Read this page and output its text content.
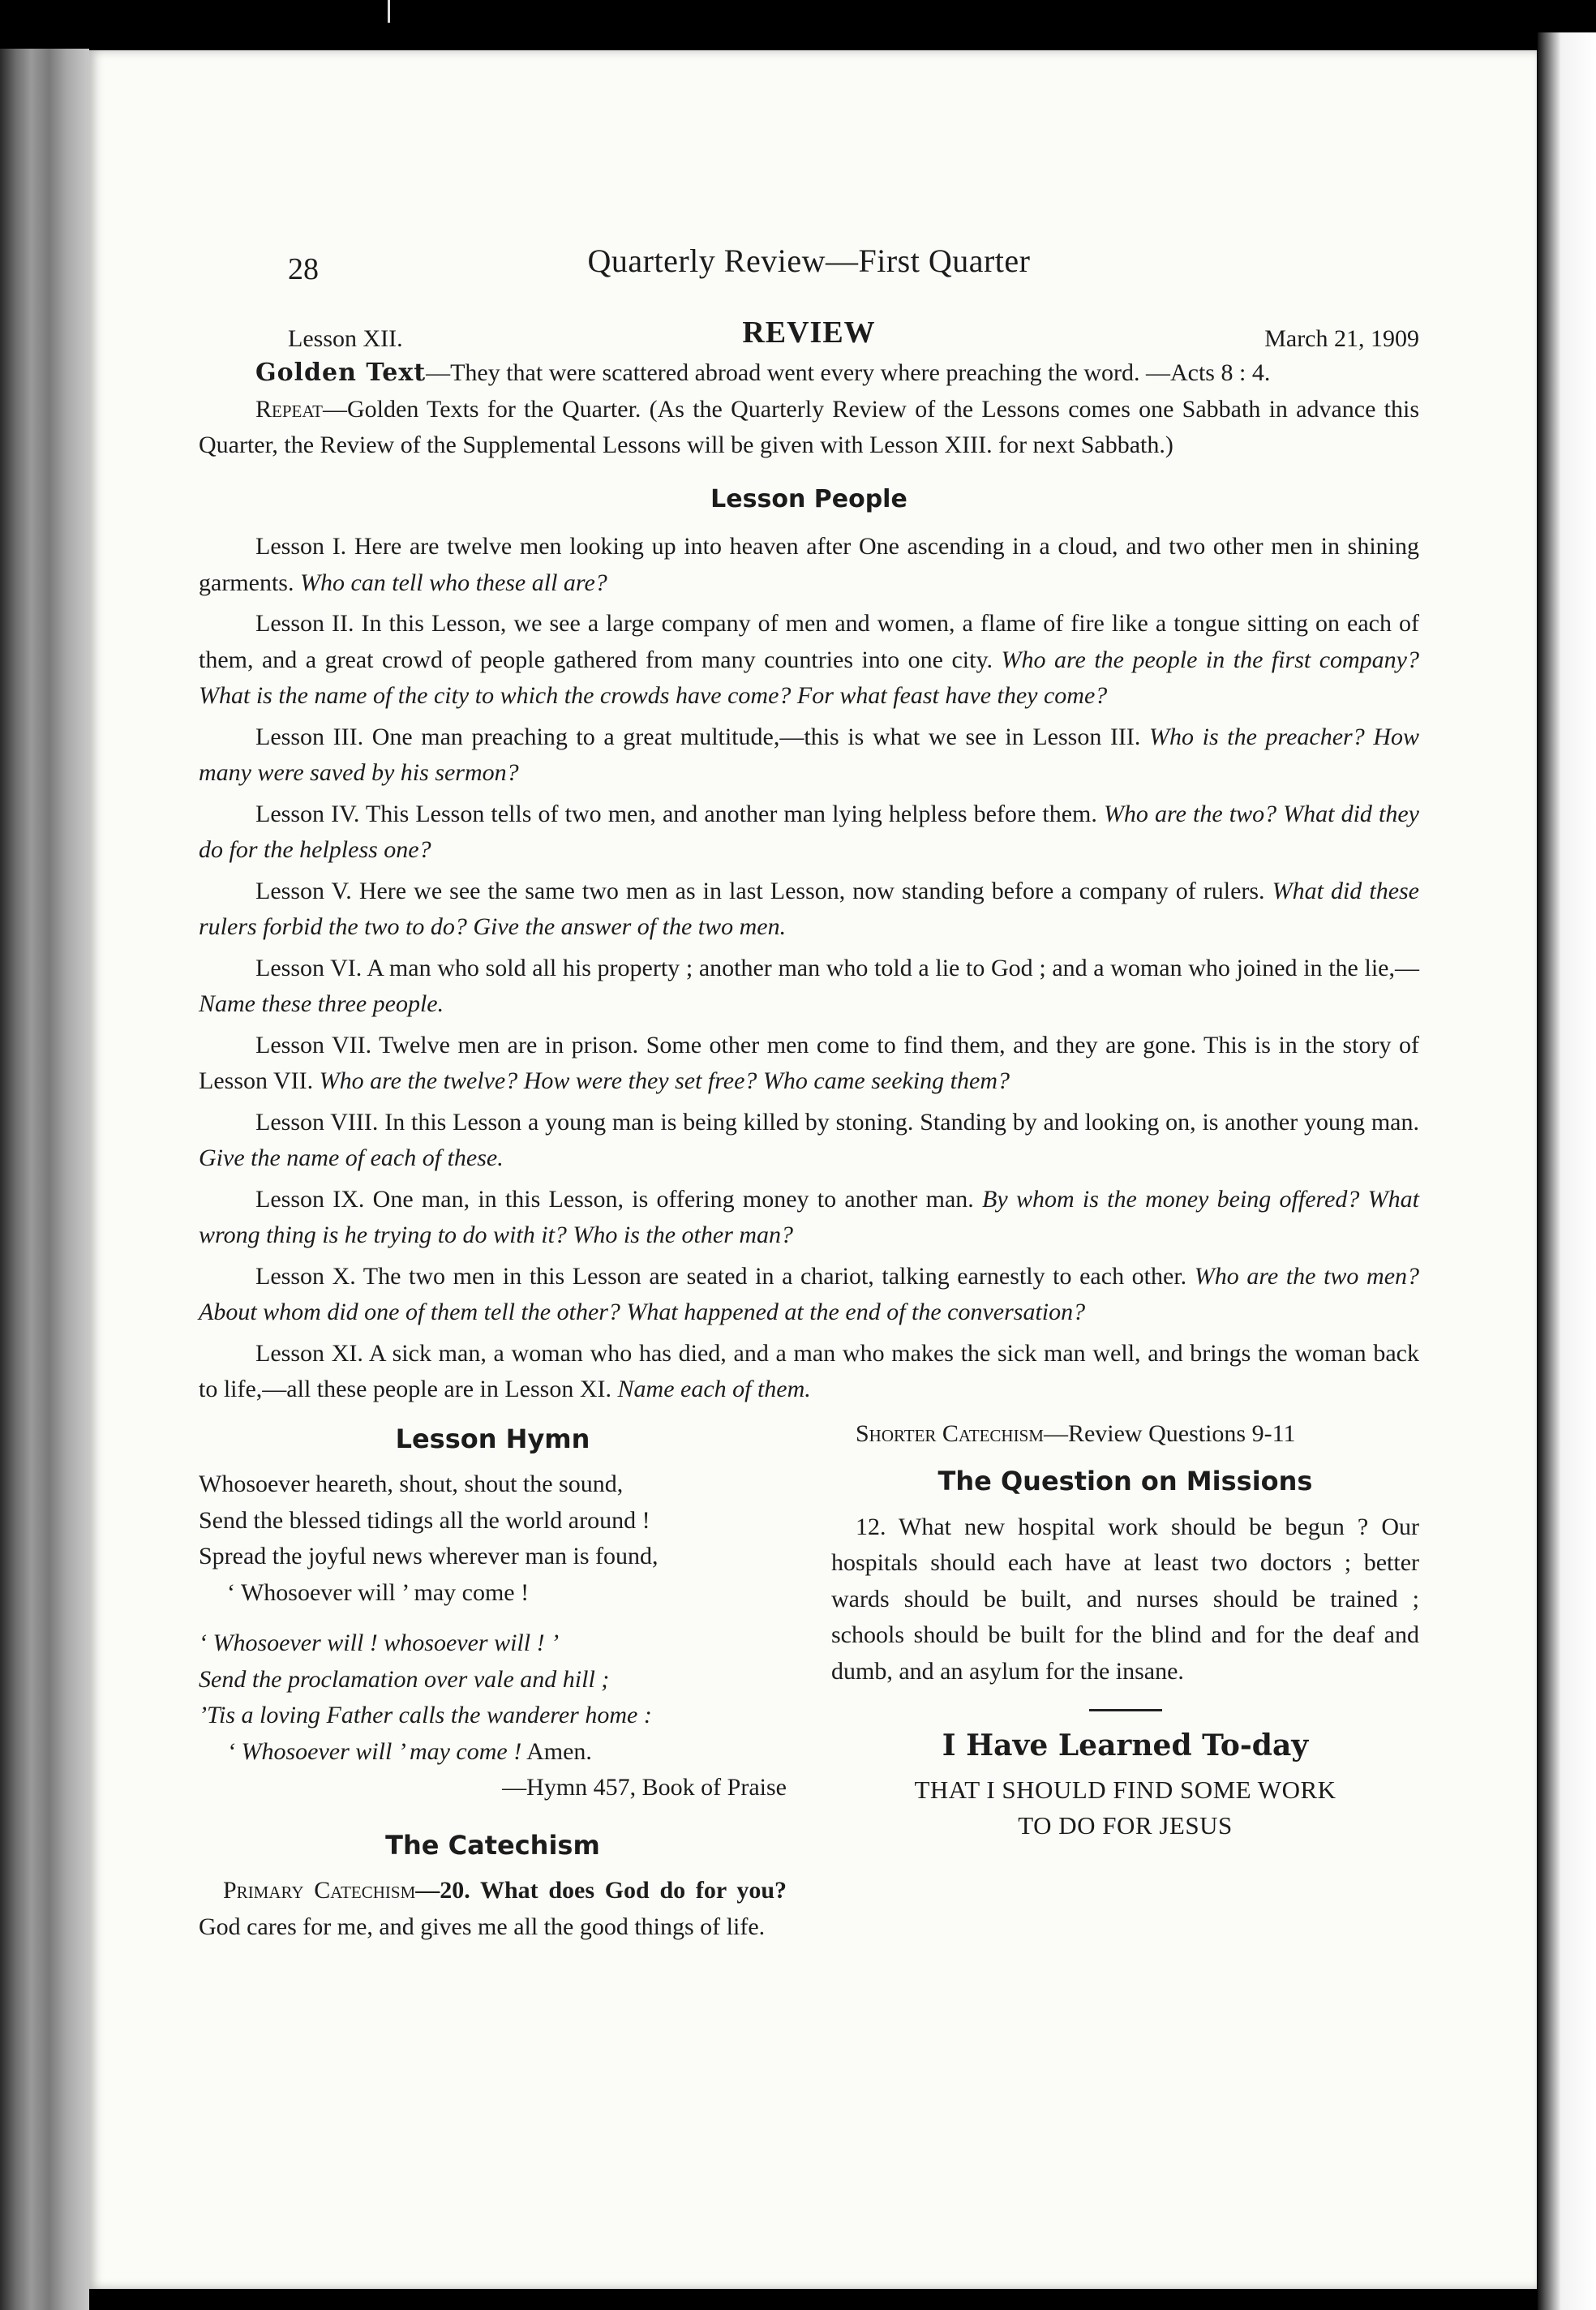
28	Quarterly Review—First Quarter
Lesson XII.	REVIEW	March 21, 1909

Golden Text—They that were scattered abroad went every where preaching the word. —Acts 8 : 4.

Repeat—Golden Texts for the Quarter. (As the Quarterly Review of the Lessons comes one Sabbath in advance this Quarter, the Review of the Supplemental Lessons will be given with Lesson XIII. for next Sabbath.)

Lesson People

Lesson I. Here are twelve men looking up into heaven after One ascending in a cloud, and two other men in shining garments. Who can tell who these all are?

Lesson II. In this Lesson, we see a large company of men and women, a flame of fire like a tongue sitting on each of them, and a great crowd of people gathered from many countries into one city. Who are the people in the first company? What is the name of the city to which the crowds have come? For what feast have they come?

Lesson III. One man preaching to a great multitude,—this is what we see in Lesson III. Who is the preacher? How many were saved by his sermon?

Lesson IV. This Lesson tells of two men, and another man lying helpless before them. Who are the two? What did they do for the helpless one?

Lesson V. Here we see the same two men as in last Lesson, now standing before a company of rulers. What did these rulers forbid the two to do? Give the answer of the two men.

Lesson VI. A man who sold all his property ; another man who told a lie to God ; and a woman who joined in the lie,—Name these three people.

Lesson VII. Twelve men are in prison. Some other men come to find them, and they are gone. This is in the story of Lesson VII. Who are the twelve? How were they set free? Who came seeking them?

Lesson VIII. In this Lesson a young man is being killed by stoning. Standing by and looking on, is another young man. Give the name of each of these.

Lesson IX. One man, in this Lesson, is offering money to another man. By whom is the money being offered? What wrong thing is he trying to do with it? Who is the other man?

Lesson X. The two men in this Lesson are seated in a chariot, talking earnestly to each other. Who are the two men? About whom did one of them tell the other? What happened at the end of the conversation?

Lesson XI. A sick man, a woman who has died, and a man who makes the sick man well, and brings the woman back to life,—all these people are in Lesson XI. Name each of them.

Lesson Hymn

Whosoever heareth, shout, shout the sound,

Send the blessed tidings all the world around !

Spread the joyful news wherever man is found,

‘ Whosoever will ’ may come !

‘ Whosoever will ! whosoever will ! ’

Send the proclamation over vale and hill ;

’Tis a loving Father calls the wanderer home :

‘ Whosoever will ’ may come ! Amen.

—Hymn 457, Book of Praise

The Catechism

Primary Catechism—20. What does God do for you? God cares for me, and gives me all the good things of life.

Shorter Catechism—Review Questions 9-11

The Question on Missions

12. What new hospital work should be begun ? Our hospitals should each have at least two doctors ; better wards should be built, and nurses should be trained ; schools should be built for the blind and for the deaf and dumb, and an asylum for the insane.

I Have Learned To-day
THAT I SHOULD FIND SOME WORK
TO DO FOR JESUS
